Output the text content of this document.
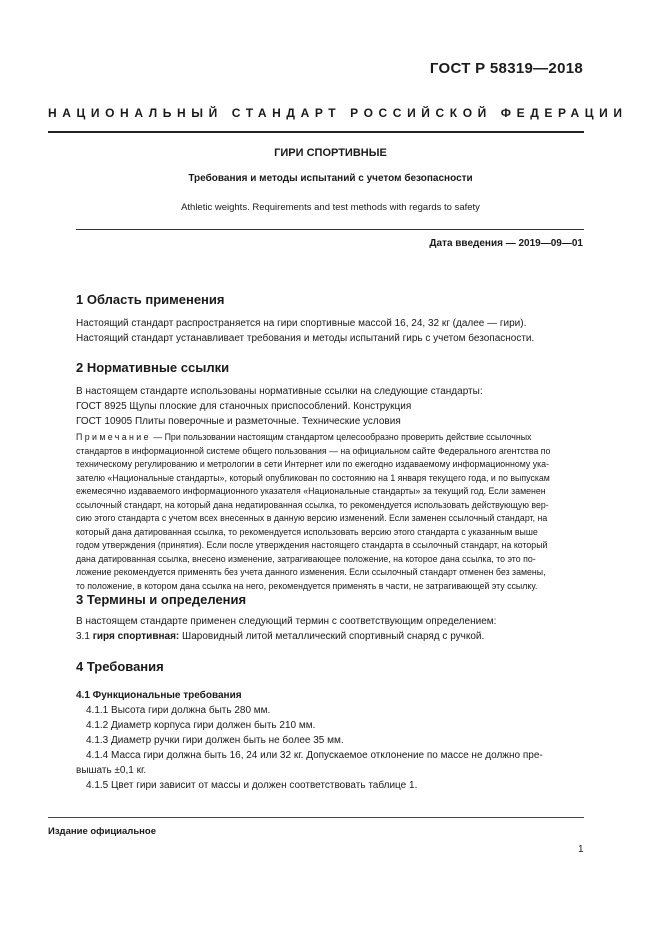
ГОСТ Р 58319—2018
НАЦИОНАЛЬНЫЙ СТАНДАРТ РОССИЙСКОЙ ФЕДЕРАЦИИ
ГИРИ СПОРТИВНЫЕ
Требования и методы испытаний с учетом безопасности
Athletic weights. Requirements and test methods with regards to safety
Дата введения — 2019—09—01
1 Область применения
Настоящий стандарт распространяется на гири спортивные массой 16, 24, 32 кг (далее — гири).
Настоящий стандарт устанавливает требования и методы испытаний гирь с учетом безопасности.
2 Нормативные ссылки
В настоящем стандарте использованы нормативные ссылки на следующие стандарты:
ГОСТ 8925 Щупы плоские для станочных приспособлений. Конструкция
ГОСТ 10905 Плиты поверочные и разметочные. Технические условия
Примечание — При пользовании настоящим стандартом целесообразно проверить действие ссылочных
стандартов в информационной системе общего пользования — на официальном сайте Федерального агентства по
техническому регулированию и метрологии в сети Интернет или по ежегодно издаваемому информационному ука-
зателю «Национальные стандарты», который опубликован по состоянию на 1 января текущего года, и по выпускам
ежемесячно издаваемого информационного указателя «Национальные стандарты» за текущий год. Если заменен
ссылочный стандарт, на который дана недатированная ссылка, то рекомендуется использовать действующую вер-
сию этого стандарта с учетом всех внесенных в данную версию изменений. Если заменен ссылочный стандарт, на
который дана датированная ссылка, то рекомендуется использовать версию этого стандарта с указанным выше
годом утверждения (принятия). Если после утверждения настоящего стандарта в ссылочный стандарт, на который
дана датированная ссылка, внесено изменение, затрагивающее положение, на которое дана ссылка, то это по-
ложение рекомендуется применять без учета данного изменения. Если ссылочный стандарт отменен без замены,
то положение, в котором дана ссылка на него, рекомендуется применять в части, не затрагивающей эту ссылку.
3 Термины и определения
В настоящем стандарте применен следующий термин с соответствующим определением:
3.1 гиря спортивная: Шаровидный литой металлический спортивный снаряд с ручкой.
4 Требования
4.1 Функциональные требования
4.1.1 Высота гири должна быть 280 мм.
4.1.2 Диаметр корпуса гири должен быть 210 мм.
4.1.3 Диаметр ручки гири должен быть не более 35 мм.
4.1.4 Масса гири должна быть 16, 24 или 32 кг. Допускаемое отклонение по массе не должно пре-
вышать ±0,1 кг.
4.1.5 Цвет гири зависит от массы и должен соответствовать таблице 1.
Издание официальное
1
